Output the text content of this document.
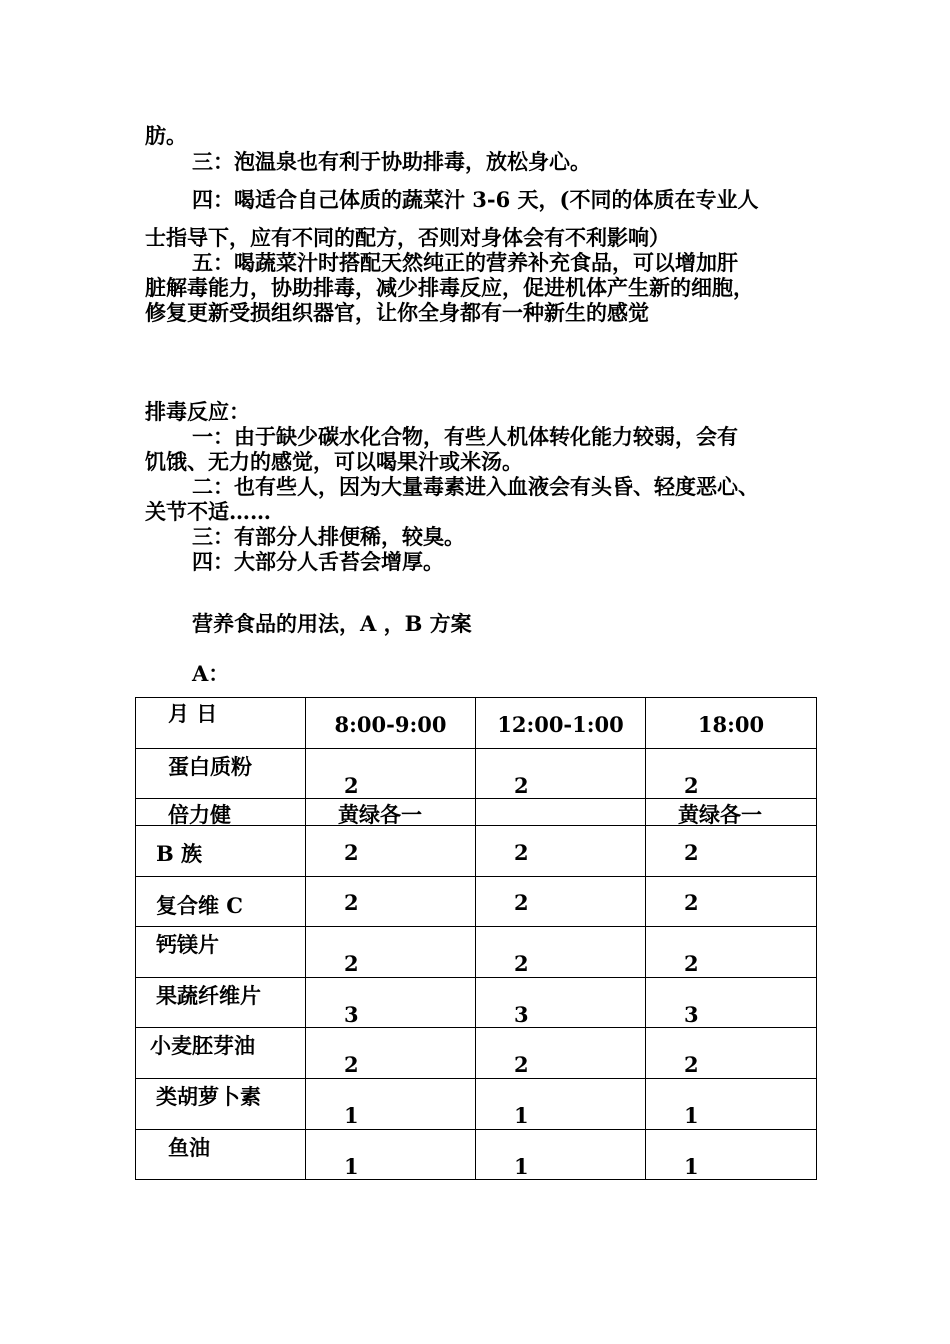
肪。
三：泡温泉也有利于协助排毒，放松身心。
四：喝适合自己体质的蔬菜汁 3-6 天，(不同的体质在专业人
士指导下，应有不同的配方，否则对身体会有不利影响）
五：喝蔬菜汁时搭配天然纯正的营养补充食品，可以增加肝
脏解毒能力，协助排毒，减少排毒反应，促进机体产生新的细胞，
修复更新受损组织器官，让你全身都有一种新生的感觉
排毒反应：
一：由于缺少碳水化合物，有些人机体转化能力较弱，会有
饥饿、无力的感觉，可以喝果汁或米汤。
二：也有些人，因为大量毒素进入血液会有头昏、轻度恶心、
关节不适……
三：有部分人排便稀，较臭。
四：大部分人舌苔会增厚。
营养食品的用法，A ，B 方案
A：
月 日	8:00-9:00	12:00-1:00	18:00

蛋白质粉	2	2	2

倍力健	黄绿各一		黄绿各一

B 族	2	2	2

复合维 C	2	2	2

钙镁片	2	2	2

果蔬纤维片	3	3	3

小麦胚芽油	2	2	2

类胡萝卜素	1	1	1

鱼油	1	1	1
